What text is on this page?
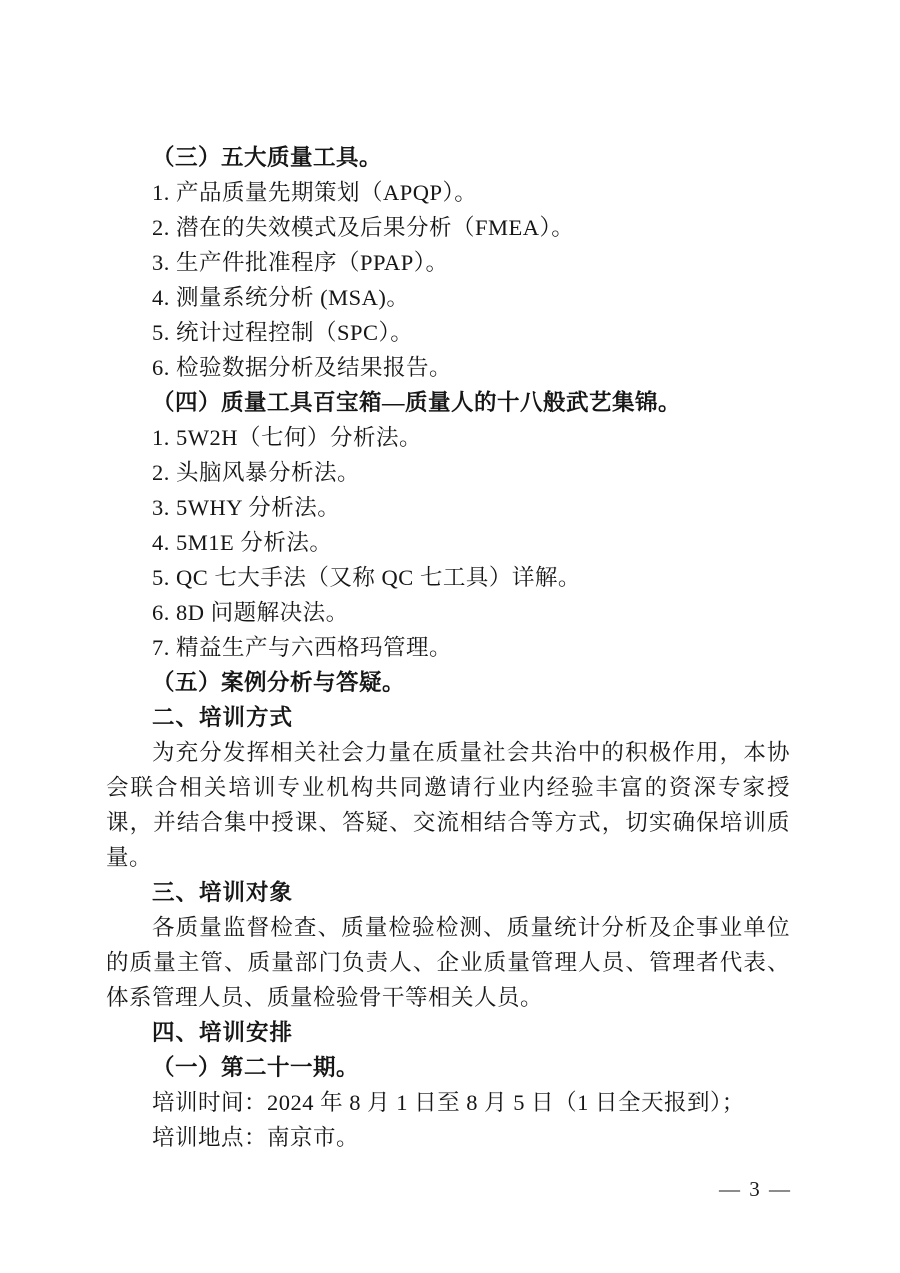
（三）五大质量工具。

1. 产品质量先期策划（APQP）。

2. 潜在的失效模式及后果分析（FMEA）。

3. 生产件批准程序（PPAP）。

4. 测量系统分析 (MSA)。

5. 统计过程控制（SPC）。

6. 检验数据分析及结果报告。

（四）质量工具百宝箱—质量人的十八般武艺集锦。

1. 5W2H（七何）分析法。

2. 头脑风暴分析法。

3. 5WHY 分析法。

4. 5M1E 分析法。

5. QC 七大手法（又称 QC 七工具）详解。

6. 8D 问题解决法。

7. 精益生产与六西格玛管理。

（五）案例分析与答疑。

二、培训方式

为充分发挥相关社会力量在质量社会共治中的积极作用，本协会联合相关培训专业机构共同邀请行业内经验丰富的资深专家授课，并结合集中授课、答疑、交流相结合等方式，切实确保培训质量。

三、培训对象

各质量监督检查、质量检验检测、质量统计分析及企事业单位的质量主管、质量部门负责人、企业质量管理人员、管理者代表、体系管理人员、质量检验骨干等相关人员。

四、培训安排

（一）第二十一期。

培训时间：2024 年 8 月 1 日至 8 月 5 日（1 日全天报到）；

培训地点：南京市。

— 3 —
